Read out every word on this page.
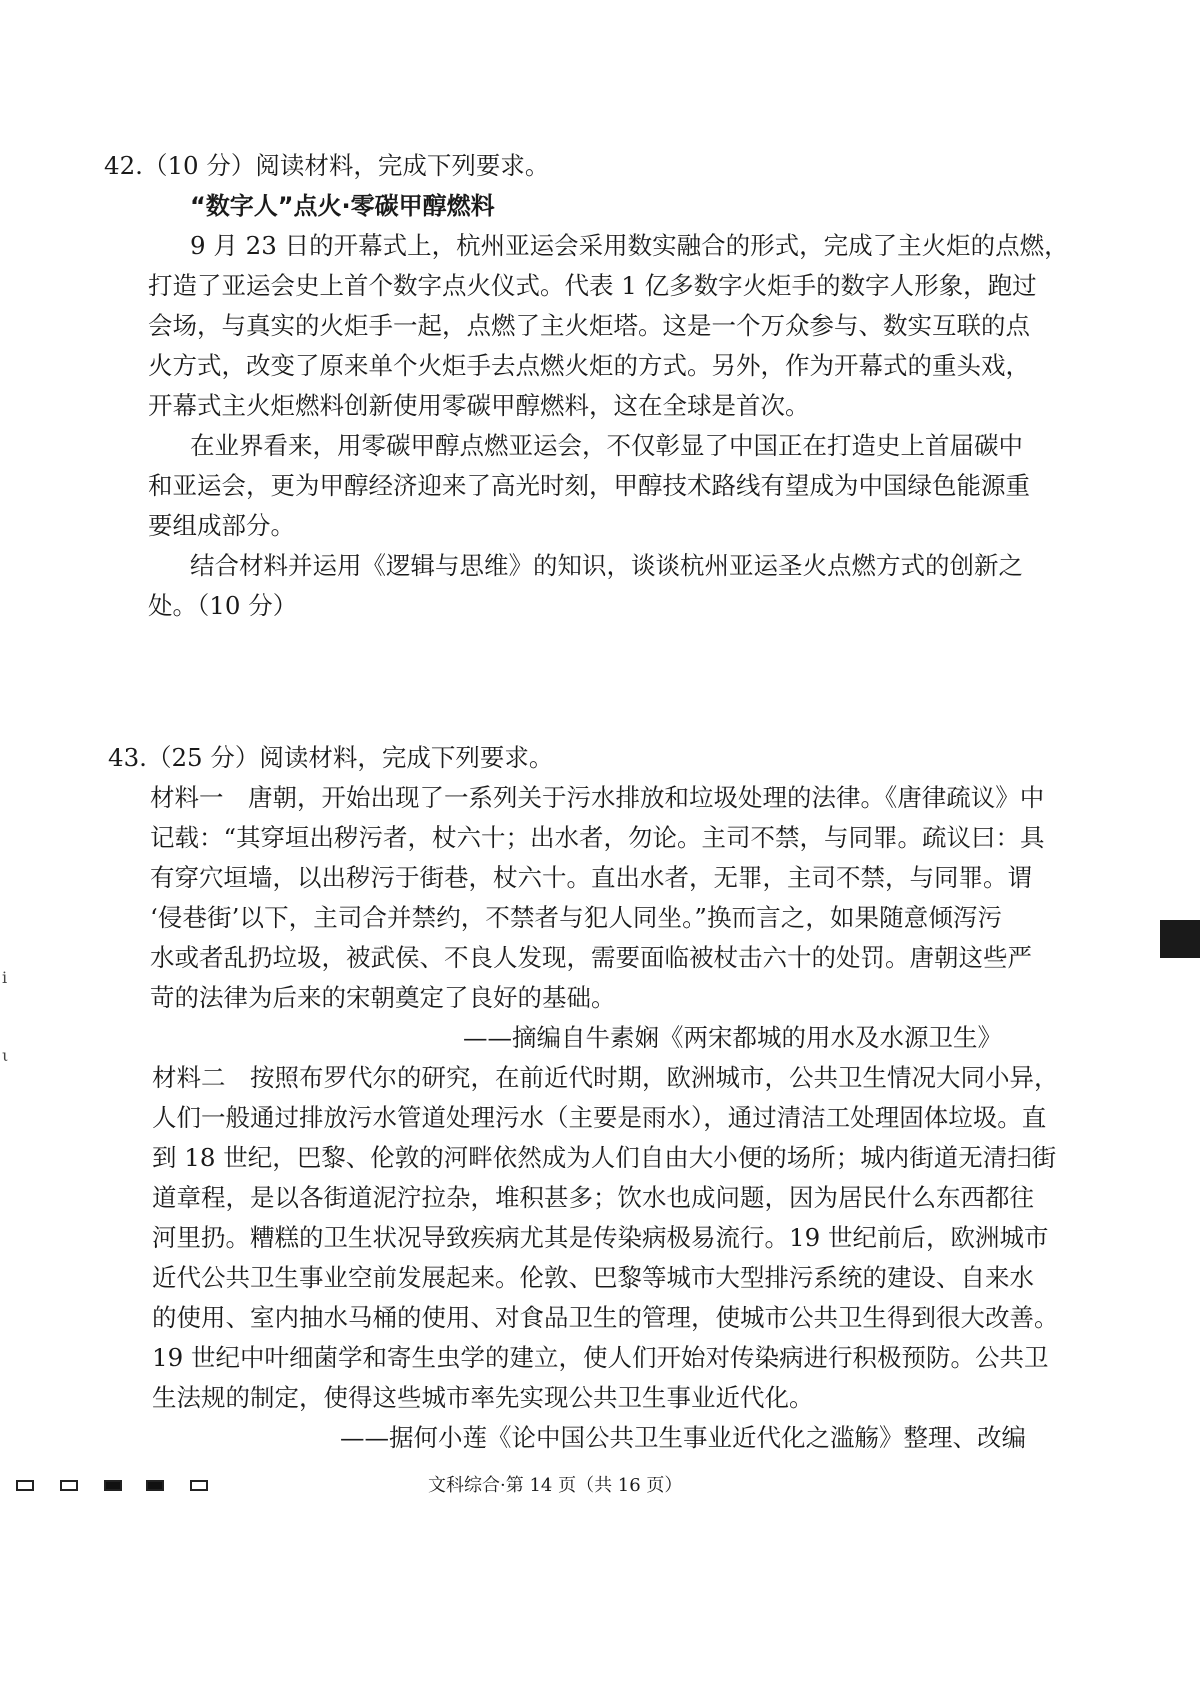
42.（10 分）阅读材料，完成下列要求。
“数字人”点火·零碳甲醇燃料
9 月 23 日的开幕式上，杭州亚运会采用数实融合的形式，完成了主火炬的点燃，
打造了亚运会史上首个数字点火仪式。代表 1 亿多数字火炬手的数字人形象，跑过
会场，与真实的火炬手一起，点燃了主火炬塔。这是一个万众参与、数实互联的点
火方式，改变了原来单个火炬手去点燃火炬的方式。另外，作为开幕式的重头戏，
开幕式主火炬燃料创新使用零碳甲醇燃料，这在全球是首次。
在业界看来，用零碳甲醇点燃亚运会，不仅彰显了中国正在打造史上首届碳中
和亚运会，更为甲醇经济迎来了高光时刻，甲醇技术路线有望成为中国绿色能源重
要组成部分。
结合材料并运用《逻辑与思维》的知识，谈谈杭州亚运圣火点燃方式的创新之
处。（10 分）
43.（25 分）阅读材料，完成下列要求。
材料一　唐朝，开始出现了一系列关于污水排放和垃圾处理的法律。《唐律疏议》中
记载：“其穿垣出秽污者，杖六十；出水者，勿论。主司不禁，与同罪。疏议曰：具
有穿穴垣墙，以出秽污于街巷，杖六十。直出水者，无罪，主司不禁，与同罪。谓
‘侵巷街’以下，主司合并禁约，不禁者与犯人同坐。”换而言之，如果随意倾泻污
水或者乱扔垃圾，被武侯、不良人发现，需要面临被杖击六十的处罚。唐朝这些严
苛的法律为后来的宋朝奠定了良好的基础。
——摘编自牛素娴《两宋都城的用水及水源卫生》
材料二　按照布罗代尔的研究，在前近代时期，欧洲城市，公共卫生情况大同小异，
人们一般通过排放污水管道处理污水（主要是雨水），通过清洁工处理固体垃圾。直
到 18 世纪，巴黎、伦敦的河畔依然成为人们自由大小便的场所；城内街道无清扫街
道章程，是以各街道泥泞拉杂，堆积甚多；饮水也成问题，因为居民什么东西都往
河里扔。糟糕的卫生状况导致疾病尤其是传染病极易流行。19 世纪前后，欧洲城市
近代公共卫生事业空前发展起来。伦敦、巴黎等城市大型排污系统的建设、自来水
的使用、室内抽水马桶的使用、对食品卫生的管理，使城市公共卫生得到很大改善。
19 世纪中叶细菌学和寄生虫学的建立，使人们开始对传染病进行积极预防。公共卫
生法规的制定，使得这些城市率先实现公共卫生事业近代化。
——据何小莲《论中国公共卫生事业近代化之滥觞》整理、改编
文科综合·第 14 页（共 16 页）
i
ι
